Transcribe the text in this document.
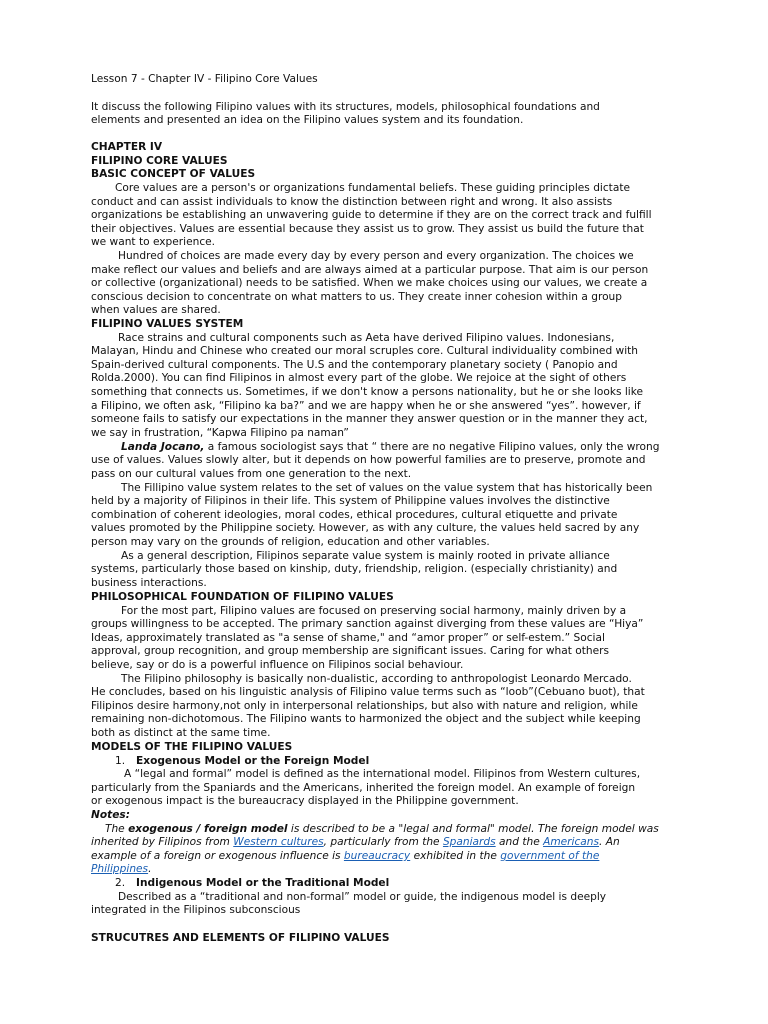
Lesson 7 - Chapter IV - Filipino Core Values
It discuss the following Filipino values with its structures, models, philosophical foundations and
elements and presented an idea on the Filipino values system and its foundation.
CHAPTER IV
FILIPINO CORE VALUES
BASIC CONCEPT OF VALUES
Core values are a person's or organizations fundamental beliefs. These guiding principles dictate
conduct and can assist individuals to know the distinction between right and wrong. It also assists
organizations be establishing an unwavering guide to determine if they are on the correct track and fulfill
their objectives. Values are essential because they assist us to grow. They assist us build the future that
we want to experience.
Hundred of choices are made every day by every person and every organization. The choices we
make reflect our values and beliefs and are always aimed at a particular purpose. That aim is our person
or collective (organizational) needs to be satisfied. When we make choices using our values, we create a
conscious decision to concentrate on what matters to us. They create inner cohesion within a group
when values are shared.
FILIPINO VALUES SYSTEM
Race strains and cultural components such as Aeta have derived Filipino values. Indonesians,
Malayan, Hindu and Chinese who created our moral scruples core. Cultural individuality combined with
Spain-derived cultural components. The U.S and the contemporary planetary society ( Panopio and
Rolda.2000). You can find Filipinos in almost every part of the globe. We rejoice at the sight of others
something that connects us. Sometimes, if we don't know a persons nationality, but he or she looks like
a Filipino, we often ask, “Filipino ka ba?” and we are happy when he or she answered “yes”. however, if
someone fails to satisfy our expectations in the manner they answer question or in the manner they act,
we say in frustration, “Kapwa Filipino pa naman”
Landa Jocano, a famous sociologist says that “ there are no negative Filipino values, only the wrong
use of values. Values slowly alter, but it depends on how powerful families are to preserve, promote and
pass on our cultural values from one generation to the next.
The Fillipino value system relates to the set of values on the value system that has historically been
held by a majority of Filipinos in their life. This system of Philippine values involves the distinctive
combination of coherent ideologies, moral codes, ethical procedures, cultural etiquette and private
values promoted by the Philippine society. However, as with any culture, the values held sacred by any
person may vary on the grounds of religion, education and other variables.
As a general description, Filipinos separate value system is mainly rooted in private alliance
systems, particularly those based on kinship, duty, friendship, religion. (especially christianity) and
business interactions.
PHILOSOPHICAL FOUNDATION OF FILIPINO VALUES
For the most part, Filipino values are focused on preserving social harmony, mainly driven by a
groups willingness to be accepted. The primary sanction against diverging from these values are “Hiya”
Ideas, approximately translated as "a sense of shame," and “amor proper” or self-estem.” Social
approval, group recognition, and group membership are significant issues. Caring for what others
believe, say or do is a powerful influence on Filipinos social behaviour.
The Filipino philosophy is basically non-dualistic, according to anthropologist Leonardo Mercado.
He concludes, based on his linguistic analysis of Filipino value terms such as “loob”(Cebuano buot), that
Filipinos desire harmony,not only in interpersonal relationships, but also with nature and religion, while
remaining non-dichotomous. The Filipino wants to harmonized the object and the subject while keeping
both as distinct at the same time.
MODELS OF THE FILIPINO VALUES
1. Exogenous Model or the Foreign Model
A “legal and formal” model is defined as the international model. Filipinos from Western cultures,
particularly from the Spaniards and the Americans, inherited the foreign model. An example of foreign
or exogenous impact is the bureaucracy displayed in the Philippine government.
Notes:
The exogenous / foreign model is described to be a "legal and formal" model. The foreign model was
inherited by Filipinos from Western cultures, particularly from the Spaniards and the Americans. An
example of a foreign or exogenous influence is bureaucracy exhibited in the government of the
Philippines.
2. Indigenous Model or the Traditional Model
Described as a “traditional and non-formal” model or guide, the indigenous model is deeply
integrated in the Filipinos subconscious
STRUCUTRES AND ELEMENTS OF FILIPINO VALUES
